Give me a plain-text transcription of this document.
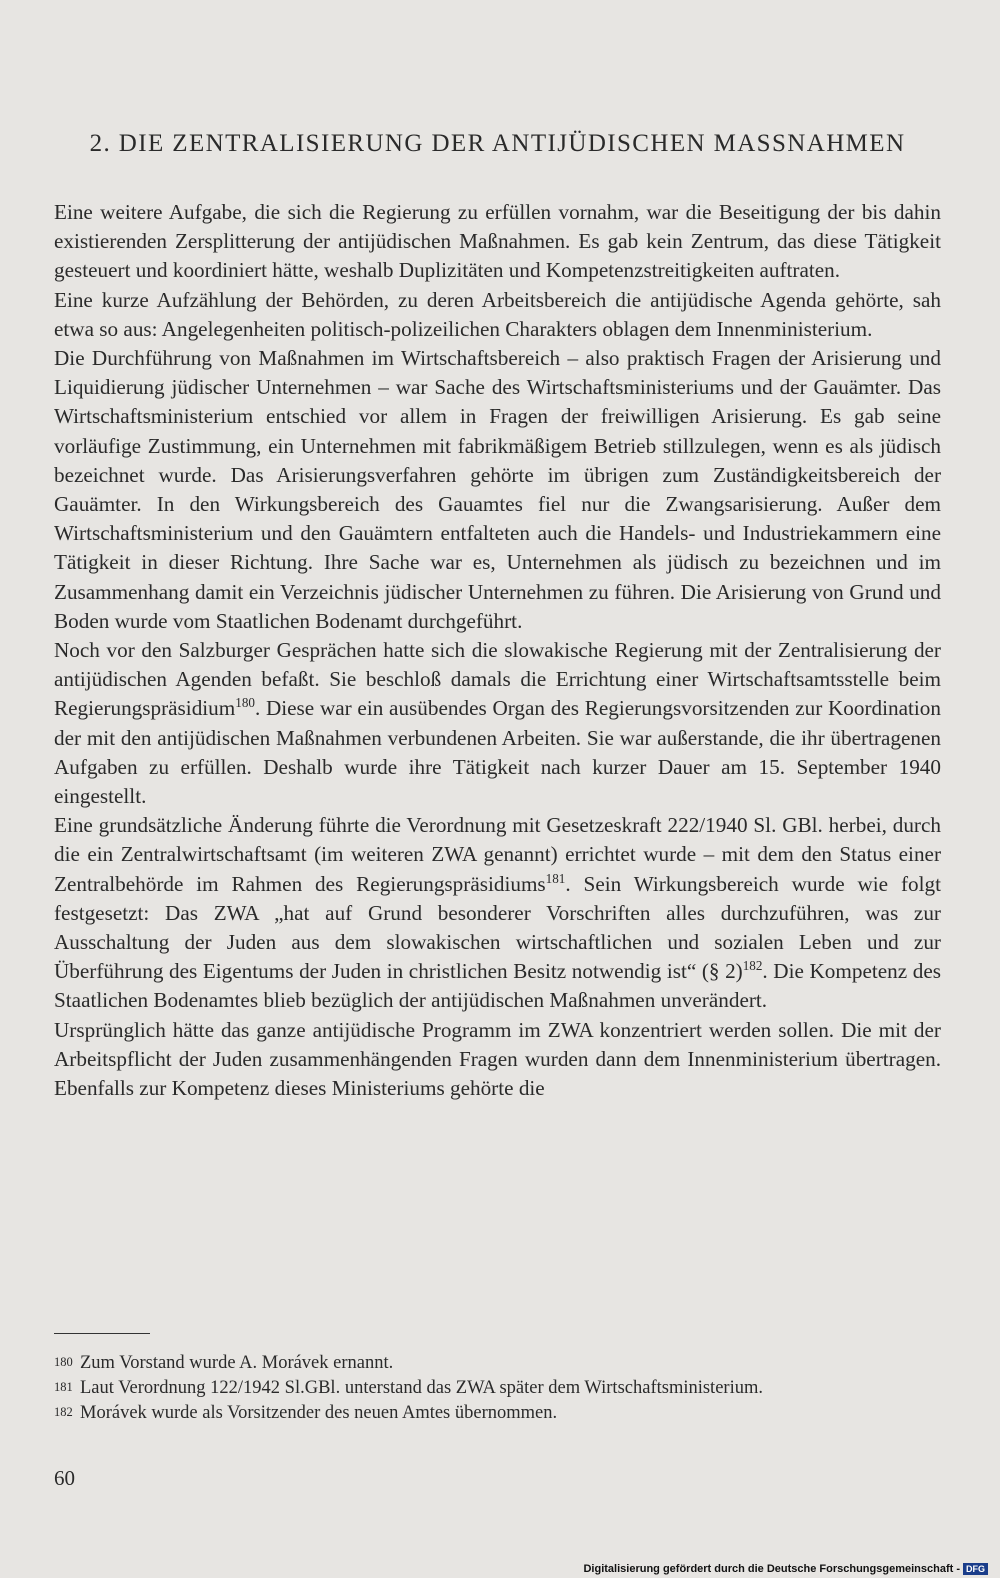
2. DIE ZENTRALISIERUNG DER ANTIJÜDISCHEN MASSNAHMEN

Eine weitere Aufgabe, die sich die Regierung zu erfüllen vornahm, war die Beseitigung der bis dahin existierenden Zersplitterung der antijüdischen Maßnahmen. Es gab kein Zentrum, das diese Tätigkeit gesteuert und koordiniert hätte, weshalb Duplizitäten und Kompetenzstreitigkeiten auftraten.

Eine kurze Aufzählung der Behörden, zu deren Arbeitsbereich die antijüdische Agenda gehörte, sah etwa so aus: Angelegenheiten politisch-polizeilichen Charakters oblagen dem Innenministerium.

Die Durchführung von Maßnahmen im Wirtschaftsbereich – also praktisch Fragen der Arisierung und Liquidierung jüdischer Unternehmen – war Sache des Wirtschaftsministeriums und der Gauämter. Das Wirtschaftsministerium entschied vor allem in Fragen der freiwilligen Arisierung. Es gab seine vorläufige Zustimmung, ein Unternehmen mit fabrikmäßigem Betrieb stillzulegen, wenn es als jüdisch bezeichnet wurde. Das Arisierungsverfahren gehörte im übrigen zum Zuständigkeitsbereich der Gauämter. In den Wirkungsbereich des Gauamtes fiel nur die Zwangsarisierung. Außer dem Wirtschaftsministerium und den Gauämtern entfalteten auch die Handels- und Industriekammern eine Tätigkeit in dieser Richtung. Ihre Sache war es, Unternehmen als jüdisch zu bezeichnen und im Zusammenhang damit ein Verzeichnis jüdischer Unternehmen zu führen. Die Arisierung von Grund und Boden wurde vom Staatlichen Bodenamt durchgeführt.

Noch vor den Salzburger Gesprächen hatte sich die slowakische Regierung mit der Zentralisierung der antijüdischen Agenden befaßt. Sie beschloß damals die Errichtung einer Wirtschaftsamtsstelle beim Regierungspräsidium$^{180}$. Diese war ein ausübendes Organ des Regierungsvorsitzenden zur Koordination der mit den antijüdischen Maßnahmen verbundenen Arbeiten. Sie war außerstande, die ihr übertragenen Aufgaben zu erfüllen. Deshalb wurde ihre Tätigkeit nach kurzer Dauer am 15. September 1940 eingestellt.

Eine grundsätzliche Änderung führte die Verordnung mit Gesetzeskraft 222/1940 Sl. GBl. herbei, durch die ein Zentralwirtschaftsamt (im weiteren ZWA genannt) errichtet wurde – mit dem den Status einer Zentralbehörde im Rahmen des Regierungspräsidiums$^{181}$. Sein Wirkungsbereich wurde wie folgt festgesetzt: Das ZWA „hat auf Grund besonderer Vorschriften alles durchzuführen, was zur Ausschaltung der Juden aus dem slowakischen wirtschaftlichen und sozialen Leben und zur Überführung des Eigentums der Juden in christlichen Besitz notwendig ist“ (§ 2)$^{182}$. Die Kompetenz des Staatlichen Bodenamtes blieb bezüglich der antijüdischen Maßnahmen unverändert.

Ursprünglich hätte das ganze antijüdische Programm im ZWA konzentriert werden sollen. Die mit der Arbeitspflicht der Juden zusammenhängenden Fragen wurden dann dem Innenministerium übertragen. Ebenfalls zur Kompetenz dieses Ministeriums gehörte die

180 Zum Vorstand wurde A. Morávek ernannt.
181 Laut Verordnung 122/1942 Sl.GBl. unterstand das ZWA später dem Wirtschaftsministerium.
182 Morávek wurde als Vorsitzender des neuen Amtes übernommen.
60
Digitalisierung gefördert durch die Deutsche Forschungsgemeinschaft - DFG
